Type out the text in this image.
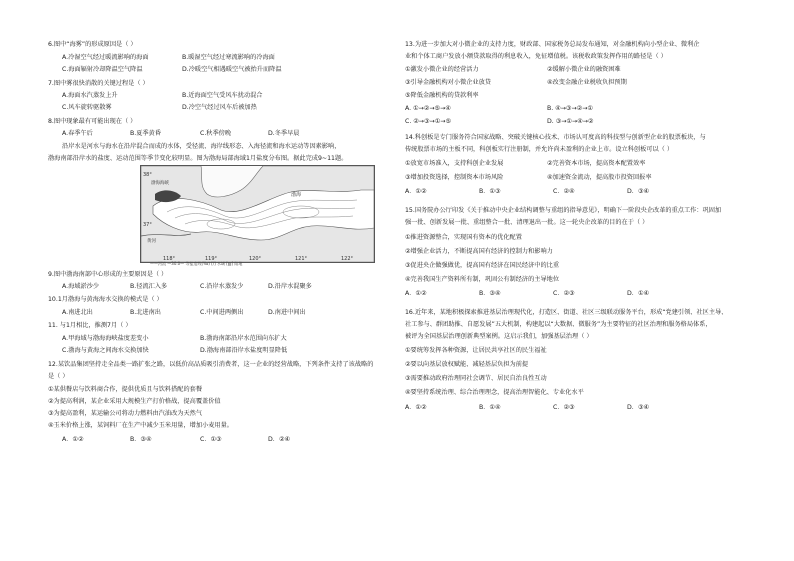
6.图中“海雾”的形成原因是（ ）
A.冷湿空气经过暖流影响的海面	B.暖湿空气经过寒流影响的冷海面
C.海面辐射冷却降温空气降温	D.冷暖空气相遇暖空气被抬升而降温
7.图中雾很快消散的关键过程是（ ）
A.海面水汽蒸发上升	B.近海面空气受风车扰动混合
C.风车旋转驱散雾	D.冷空气经过风车后被加热
8.图中现象最有可能出现在（ ）
A.春季午后	B.夏季黄昏	C.秋季傍晚	D.冬季早晨
沿岸水是河水与海水在沿岸混合而成的水体，受径流、海岸线形态、入海径流和海水运动等因素影响，
渤海南部沿岸水的盐度、运动范围等季节变化较明显。图为渤海局部海域1月盐度分布图。据此完成9~11题。
38°
37°
118°	119°	120°	121°	122°
渤海海峡
渤海
黄河
——河流 —30.0— 等盐度线(‰) [/] 水域 [▨] 陆地
9.图中渤海南部中心形成的主要原因是（ ）
A.海域淤沙少	B.径流汇入多	C.沿岸水蒸发少	D.沿岸水混聚多
10.1月渤海与黄海海水交换的模式是（ ）
A.南进北出	B.北进南出	C.中间进两侧出	D.南进中间出
11. 与1月相比，推测7月（ ）
A.甲海域与渤海海峡盐度差变小	B.渤海南部沿岸水范围向东扩大
C.渤海与黄海之间海水交换加快	D.渤海南部沿岸水盐度明显降低
12.某饮品集团坚持走全品类一路扩张之路，以低价高品质吸引消费者，这一企业的经营战略，下列条件支持了该战略的
是（ ）
①某供餐店与饮料商合作，提供优质且与饮料搭配的套餐
②为提高利润，某企业采用大规模生产打价格战，提高覆盖价值
③为提高盈利，某运输公司将动力燃料由汽油改为天然气
④玉米价格上涨，某饲料厂在生产中减少玉米用量，增加小麦用量。
A．①②	B．③④	C．①③	D．②④
13.为进一步加大对小微企业的支持力度，财政部、国家税务总局发布通知，对金融机构向小型企业、微利企
业和个体工商户发放小额贷款取得的利息收入，免征增值税。该税收政策发挥作用的路径是（ ）
①激发小微企业的经营活力	②缓解小微企业的融资困难
③引导金融机构对小微企业放贷	④改变金融企业税收负担预期
⑤降低金融机构的贷款利率
A. ①→②→⑤→④	B. ④→③→②→①
C. ②→③→①→⑤	D. ③→①→④→②
14.科创板是专门服务符合国家战略、突破关键核心技术、市场认可度高的科技型与创新型企业的股票板块，与
传统股票市场的主板不同，科创板实行注册制，并允许尚未盈利的企业上市。设立科创板可以（ ）
①放宽市场准入，支持科创企业发展	②完善资本市场，提高资本配置效率
③增加投资选择，控制资本市场风险	④加速资金流动，提高股市投资回报率
A．①②	B．①③	C．②④	D．③④
15.国务院办公厅印发《关于推动中央企业结构调整与重组的指导意见》，明确下一阶段央企改革的重点工作：巩固加
强一批、创新发展一批、重组整合一批、清理退出一批。这一轮央企改革的目的在于（ ）
①推进资源整合，实现国有资本的优化配置
②增强企业活力，不断提高国有经济的控制力和影响力
③促进央企做强做优，提高国有经济在国民经济中的比重
④完善我国生产资料所有制，巩固公有制经济的主导地位
A．①②	B．③④	C．②③	D．①④
16.近年来，某地积极探索推进基层治理现代化，打造区、街道、社区三级联动服务平台，形成“党建引领、社区主导、
社工参与、群团助推、自愿发展”五大机制，构建起以“大数据、微服务”为主要特征的社区治理和服务格局体系，
被评为全国基层治理创新典型案例。这启示我们，加强基层治理（ ）
①要统筹发挥各种资源，让居民共享社区的民生福祉
②要以向基层放权赋能、减轻基层负担为前提
③需要推动政府治理同社会调节、居民自治良性互动
④要坚持系统治理、综合治理理念，提高治理智能化、专业化水平
A．①②	B．①④	C．②③	D．③④
